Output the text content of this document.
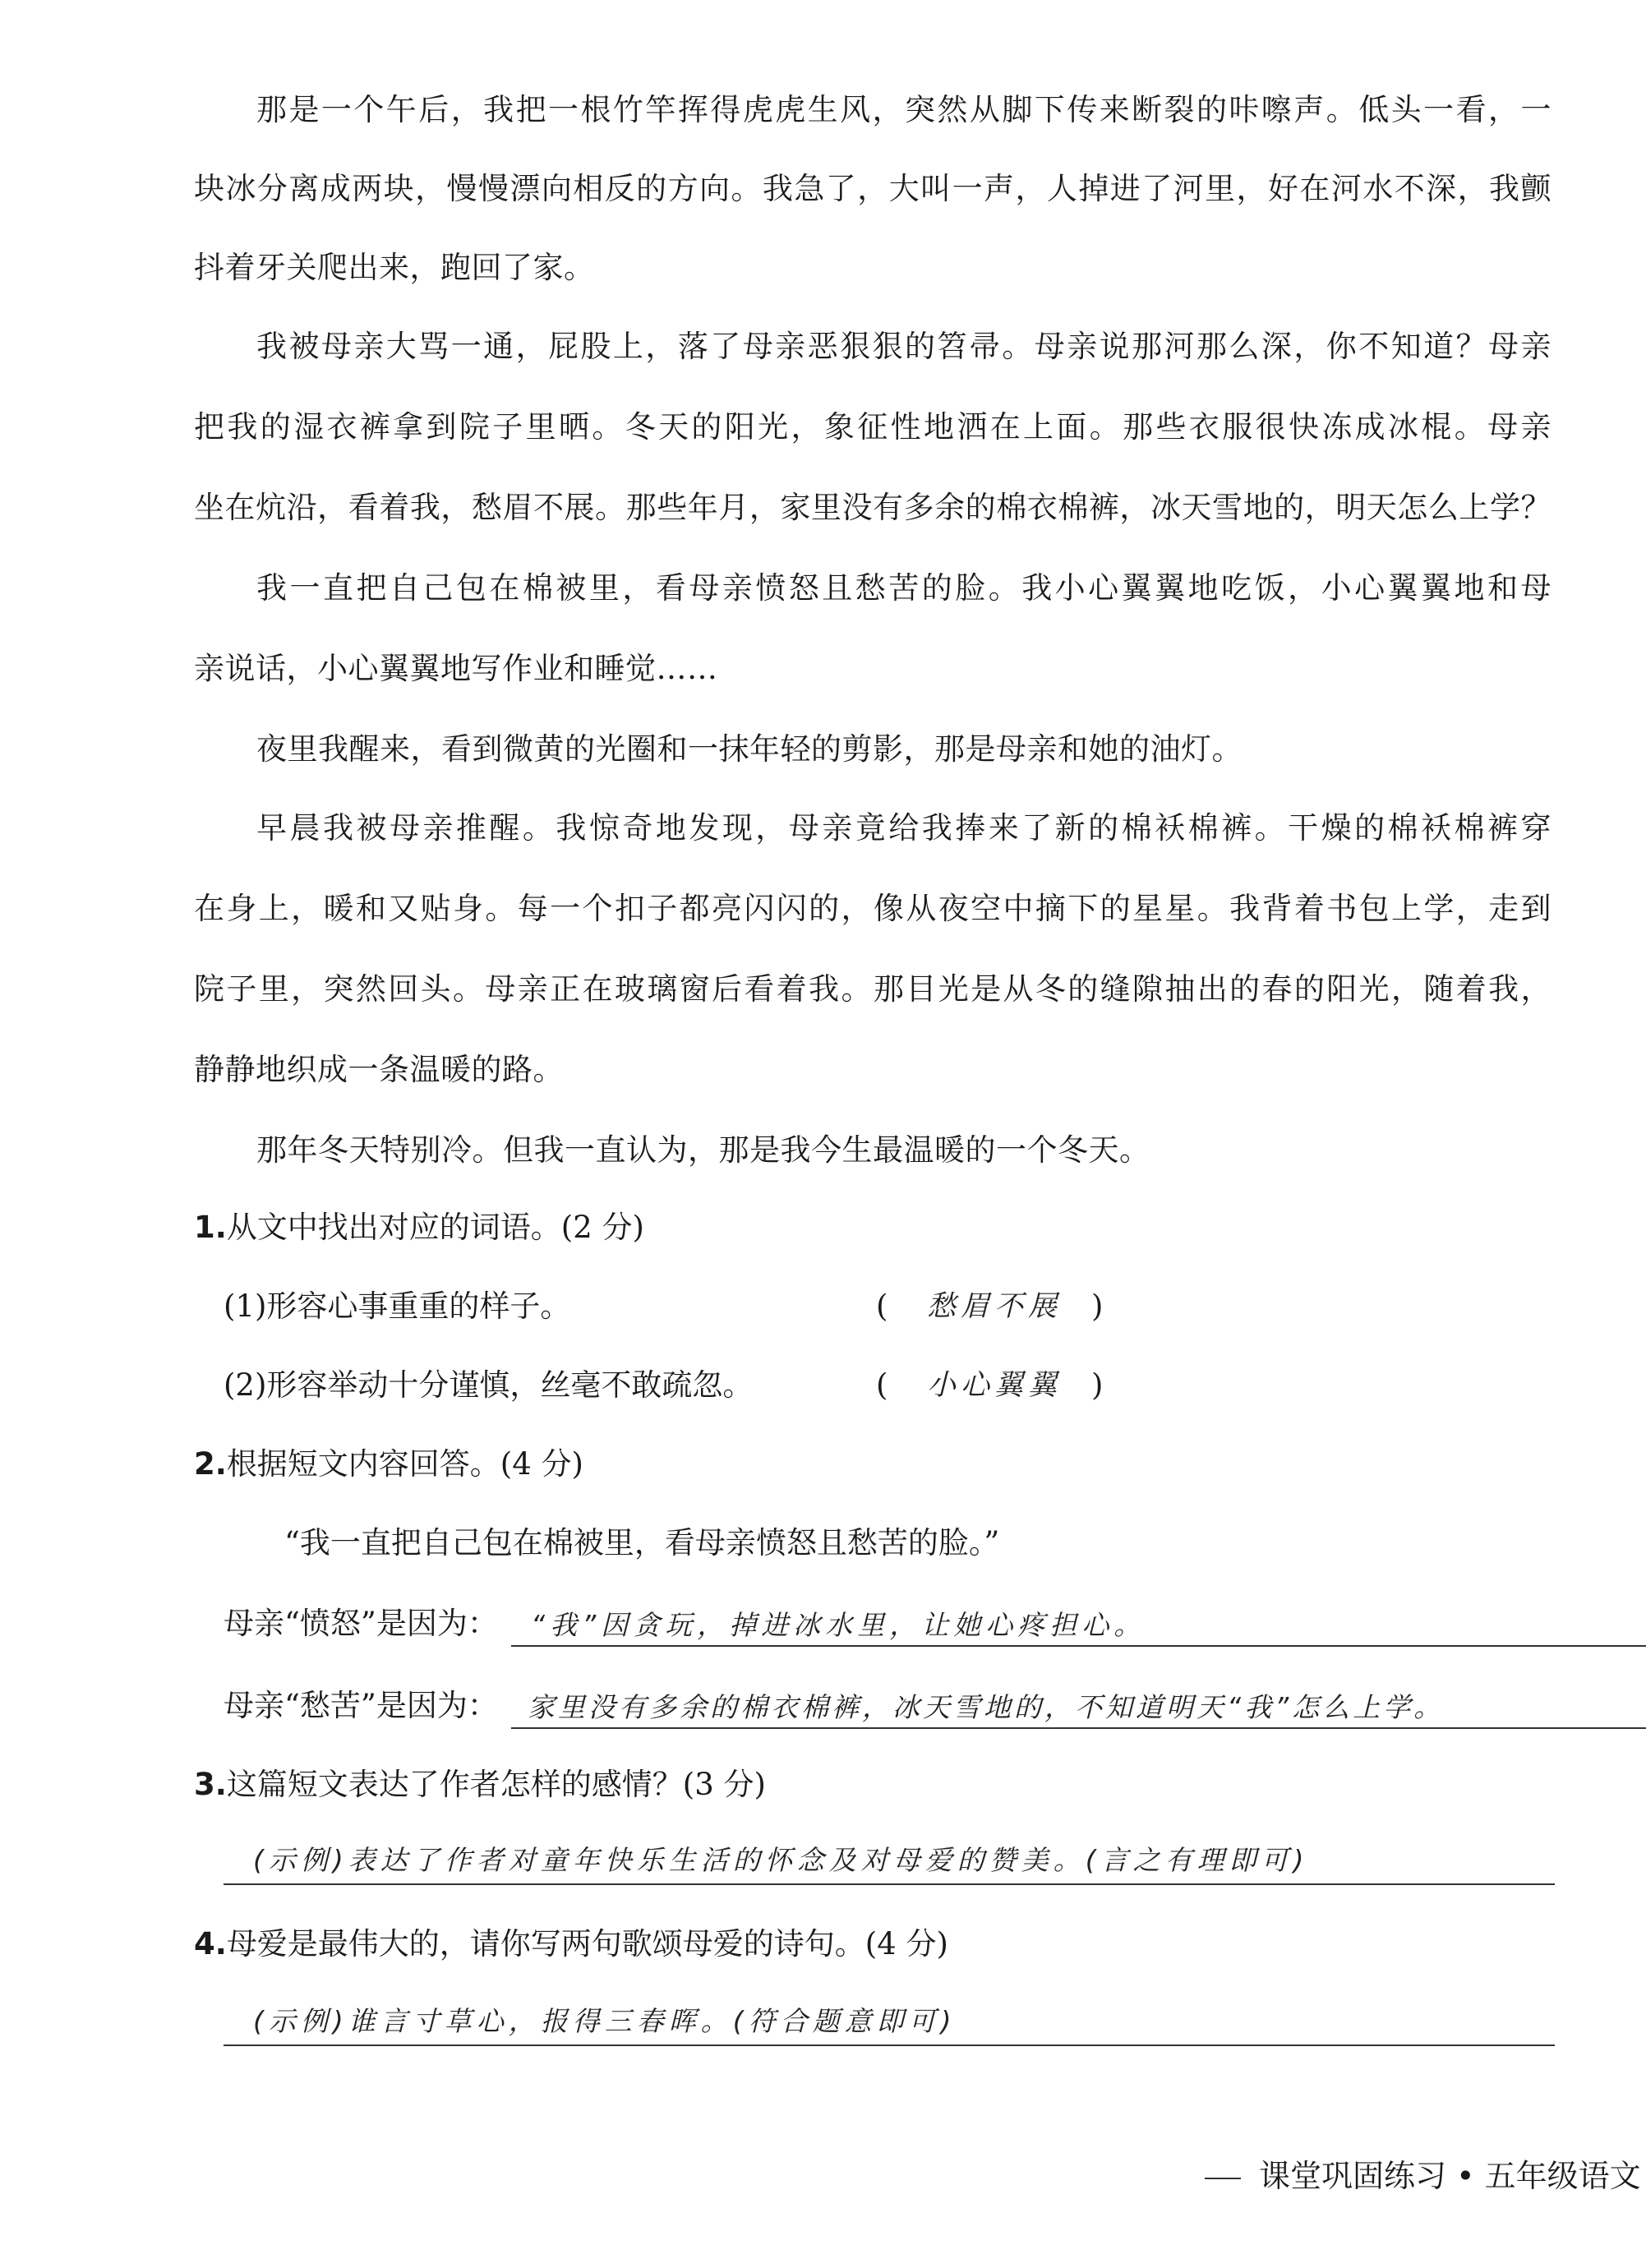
那是一个午后，我把一根竹竿挥得虎虎生风，突然从脚下传来断裂的咔嚓声。低头一看，一
块冰分离成两块，慢慢漂向相反的方向。我急了，大叫一声，人掉进了河里，好在河水不深，我颤
抖着牙关爬出来，跑回了家。
我被母亲大骂一通，屁股上，落了母亲恶狠狠的笤帚。母亲说那河那么深，你不知道？母亲
把我的湿衣裤拿到院子里晒。冬天的阳光，象征性地洒在上面。那些衣服很快冻成冰棍。母亲
坐在炕沿，看着我，愁眉不展。那些年月，家里没有多余的棉衣棉裤，冰天雪地的，明天怎么上学？
我一直把自己包在棉被里，看母亲愤怒且愁苦的脸。我小心翼翼地吃饭，小心翼翼地和母
亲说话，小心翼翼地写作业和睡觉……
夜里我醒来，看到微黄的光圈和一抹年轻的剪影，那是母亲和她的油灯。
早晨我被母亲推醒。我惊奇地发现，母亲竟给我捧来了新的棉袄棉裤。干燥的棉袄棉裤穿
在身上，暖和又贴身。每一个扣子都亮闪闪的，像从夜空中摘下的星星。我背着书包上学，走到
院子里，突然回头。母亲正在玻璃窗后看着我。那目光是从冬的缝隙抽出的春的阳光，随着我，
静静地织成一条温暖的路。
那年冬天特别冷。但我一直认为，那是我今生最温暖的一个冬天。
1.从文中找出对应的词语。(2 分)
(1)形容心事重重的样子。	( 愁眉不展 )
(2)形容举动十分谨慎，丝毫不敢疏忽。	( 小心翼翼 )
2.根据短文内容回答。(4 分)
“我一直把自己包在棉被里，看母亲愤怒且愁苦的脸。”
母亲“愤怒”是因为： “我”因贪玩，掉进冰水里，让她心疼担心。
母亲“愁苦”是因为： 家里没有多余的棉衣棉裤，冰天雪地的，不知道明天“我”怎么上学。
3.这篇短文表达了作者怎样的感情？(3 分)
(示例)表达了作者对童年快乐生活的怀念及对母爱的赞美。(言之有理即可)
4.母爱是最伟大的，请你写两句歌颂母爱的诗句。(4 分)
(示例)谁言寸草心，报得三春晖。(符合题意即可)
课堂巩固练习 • 五年级语文
